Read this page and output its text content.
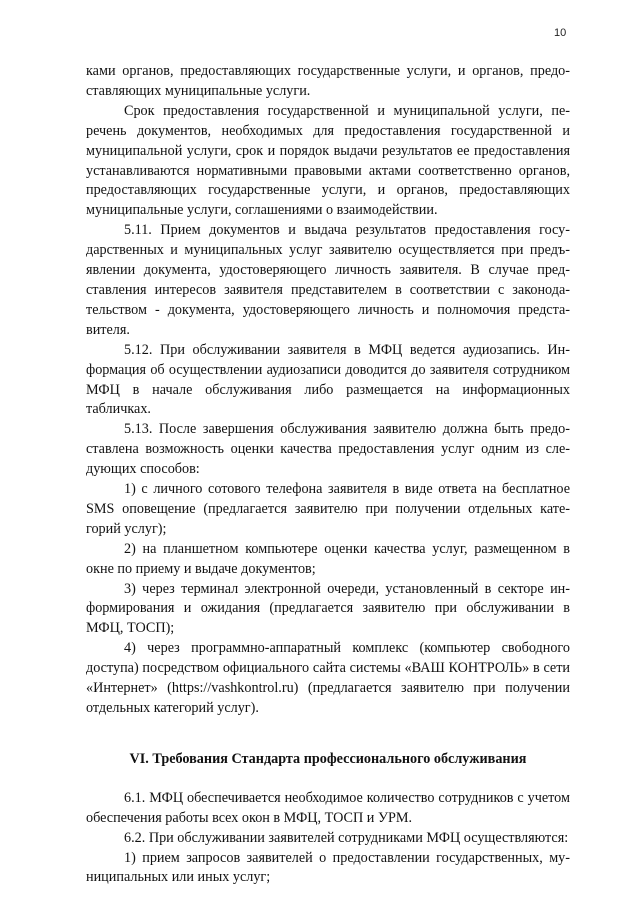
10

ками органов, предоставляющих государственные услуги, и органов, предоставляющих муниципальные услуги.

Срок предоставления государственной и муниципальной услуги, перечень документов, необходимых для предоставления государственной и муниципальной услуги, срок и порядок выдачи результатов ее предоставления устанавливаются нормативными правовыми актами соответственно органов, предоставляющих государственные услуги, и органов, предоставляющих муниципальные услуги, соглашениями о взаимодействии.

5.11. Прием документов и выдача результатов предоставления государственных и муниципальных услуг заявителю осуществляется при предъявлении документа, удостоверяющего личность заявителя. В случае представления интересов заявителя представителем в соответствии с законодательством - документа, удостоверяющего личность и полномочия представителя.

5.12. При обслуживании заявителя в МФЦ ведется аудиозапись. Информация об осуществлении аудиозаписи доводится до заявителя сотрудником МФЦ в начале обслуживания либо размещается на информационных табличках.

5.13. После завершения обслуживания заявителю должна быть предоставлена возможность оценки качества предоставления услуг одним из следующих способов:

1) с личного сотового телефона заявителя в виде ответа на бесплатное SMS оповещение (предлагается заявителю при получении отдельных категорий услуг);

2) на планшетном компьютере оценки качества услуг, размещенном в окне по приему и выдаче документов;

3) через терминал электронной очереди, установленный в секторе информирования и ожидания (предлагается заявителю при обслуживании в МФЦ, ТОСП);

4) через программно-аппаратный комплекс (компьютер свободного доступа) посредством официального сайта системы «ВАШ КОНТРОЛЬ» в сети «Интернет» (https://vashkontrol.ru) (предлагается заявителю при получении отдельных категорий услуг).

VI. Требования Стандарта профессионального обслуживания

6.1. МФЦ обеспечивается необходимое количество сотрудников с учетом обеспечения работы всех окон в МФЦ, ТОСП и УРМ.

6.2. При обслуживании заявителей сотрудниками МФЦ осуществляются:

1) прием запросов заявителей о предоставлении государственных, муниципальных или иных услуг;
